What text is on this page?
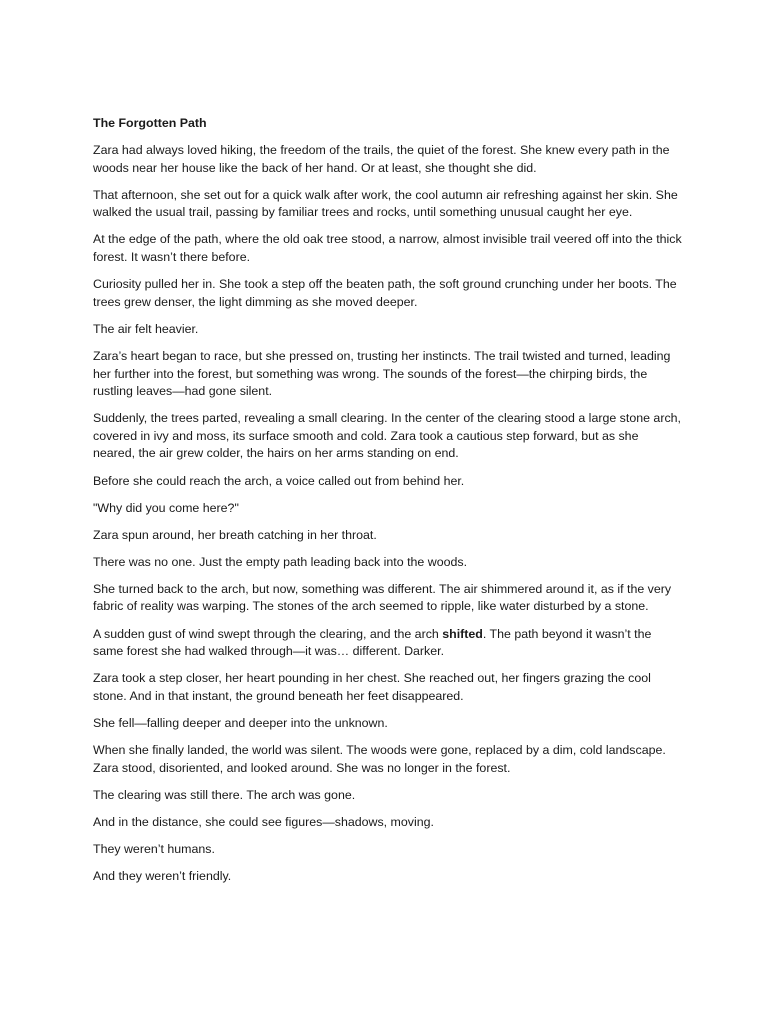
The Forgotten Path

Zara had always loved hiking, the freedom of the trails, the quiet of the forest. She knew every path in the woods near her house like the back of her hand. Or at least, she thought she did.

That afternoon, she set out for a quick walk after work, the cool autumn air refreshing against her skin. She walked the usual trail, passing by familiar trees and rocks, until something unusual caught her eye.

At the edge of the path, where the old oak tree stood, a narrow, almost invisible trail veered off into the thick forest. It wasn’t there before.

Curiosity pulled her in. She took a step off the beaten path, the soft ground crunching under her boots. The trees grew denser, the light dimming as she moved deeper.

The air felt heavier.

Zara’s heart began to race, but she pressed on, trusting her instincts. The trail twisted and turned, leading her further into the forest, but something was wrong. The sounds of the forest—the chirping birds, the rustling leaves—had gone silent.

Suddenly, the trees parted, revealing a small clearing. In the center of the clearing stood a large stone arch, covered in ivy and moss, its surface smooth and cold. Zara took a cautious step forward, but as she neared, the air grew colder, the hairs on her arms standing on end.

Before she could reach the arch, a voice called out from behind her.

"Why did you come here?"

Zara spun around, her breath catching in her throat.

There was no one. Just the empty path leading back into the woods.

She turned back to the arch, but now, something was different. The air shimmered around it, as if the very fabric of reality was warping. The stones of the arch seemed to ripple, like water disturbed by a stone.

A sudden gust of wind swept through the clearing, and the arch shifted. The path beyond it wasn’t the same forest she had walked through—it was… different. Darker.

Zara took a step closer, her heart pounding in her chest. She reached out, her fingers grazing the cool stone. And in that instant, the ground beneath her feet disappeared.

She fell—falling deeper and deeper into the unknown.

When she finally landed, the world was silent. The woods were gone, replaced by a dim, cold landscape. Zara stood, disoriented, and looked around. She was no longer in the forest.

The clearing was still there. The arch was gone.

And in the distance, she could see figures—shadows, moving.

They weren’t humans.

And they weren’t friendly.
